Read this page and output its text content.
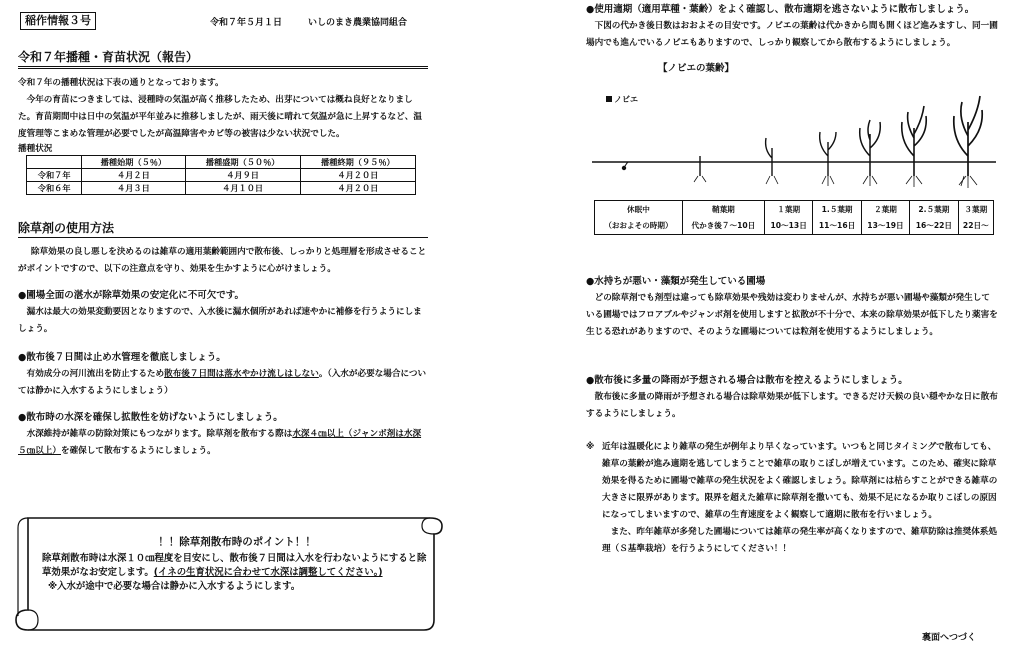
稲作情報３号	令和７年５月１日	いしのまき農業協同組合
令和７年播種・育苗状況（報告）
令和７年の播種状況は下表の通りとなっております。
今年の育苗につきましては、浸種時の気温が高く推移したため、出芽については概ね良好となりました。育苗期間中は日中の気温が平年並みに推移しましたが、雨天後に晴れて気温が急に上昇するなど、温度管理等こまめな管理が必要でしたが高温障害やカビ等の被害は少ない状況でした。
播種状況
	播種始期（５％）	播種盛期（５０％）	播種終期（９５％）
令和７年	４月２日	４月９日	４月２０日
令和６年	４月３日	４月１０日	４月２０日
除草剤の使用方法
除草効果の良し悪しを決めるのは雑草の適用葉齢範囲内で散布後、しっかりと処理層を形成させることがポイントですので、以下の注意点を守り、効果を生かすように心がけましょう。
●圃場全面の湛水が除草効果の安定化に不可欠です。
漏水は最大の効果変動要因となりますので、入水後に漏水個所があれば速やかに補修を行うようにしましょう。
●散布後７日間は止め水管理を徹底しましょう。
有効成分の河川流出を防止するため散布後７日間は落水やかけ流しはしない。（入水が必要な場合については静かに入水するようにしましょう）
●散布時の水深を確保し拡散性を妨げないようにしましょう。
水深維持が雑草の防除対策にもつながります。除草剤を散布する際は水深４㎝以上（ジャンボ剤は水深５㎝以上）を確保して散布するようにしましょう。
！！除草剤散布時のポイント！！
除草剤散布時は水深１０㎝程度を目安にし、散布後７日間は入水を行わないようにすると除草効果がなお安定します。(イネの生育状況に合わせて水深は調整してください。)
※入水が途中で必要な場合は静かに入水するようにします。
●使用適期（適用草種・葉齢）をよく確認し、散布適期を逃さないように散布しましょう。
下図の代かき後日数はおおよその目安です。ノビエの葉齢は代かきから間も開くほど進みますし、同一圃場内でも進んでいるノビエもありますので、しっかり観察してから散布するようにしましょう。
【ノビエの葉齢】
ノビエ
休眠中	鞘葉期	１葉期	1.５葉期	２葉期	2.５葉期	３葉期
（おおよその時期）	代かき後７〜10日	10〜13日	11〜16日	13〜19日	16〜22日	22日〜
●水持ちが悪い・藻類が発生している圃場
どの除草剤でも剤型は違っても除草効果や残効は変わりませんが、水持ちが悪い圃場や藻類が発生している圃場ではフロアブルやジャンボ剤を使用しますと拡散が不十分で、本来の除草効果が低下したり薬害を生じる恐れがありますので、そのような圃場については粒剤を使用するようにしましょう。
●散布後に多量の降雨が予想される場合は散布を控えるようにしましょう。
散布後に多量の降雨が予想される場合は除草効果が低下します。できるだけ天候の良い穏やかな日に散布するようにしましょう。
※ 近年は温暖化により雑草の発生が例年より早くなっています。いつもと同じタイミングで散布しても、雑草の葉齢が進み適期を逃してしまうことで雑草の取りこぼしが増えています。このため、確実に除草効果を得るために圃場で雑草の発生状況をよく確認しましょう。除草剤には枯らすことができる雑草の大きさに限界があります。限界を超えた雑草に除草剤を撒いても、効果不足になるか取りこぼしの原因になってしまいますので、雑草の生育速度をよく観察して適期に散布を行いましょう。
また、昨年雑草が多発した圃場については雑草の発生率が高くなりますので、雑草防除は推奨体系処理（Ｓ基準栽培）を行うようにしてください！！
裏面へつづく
